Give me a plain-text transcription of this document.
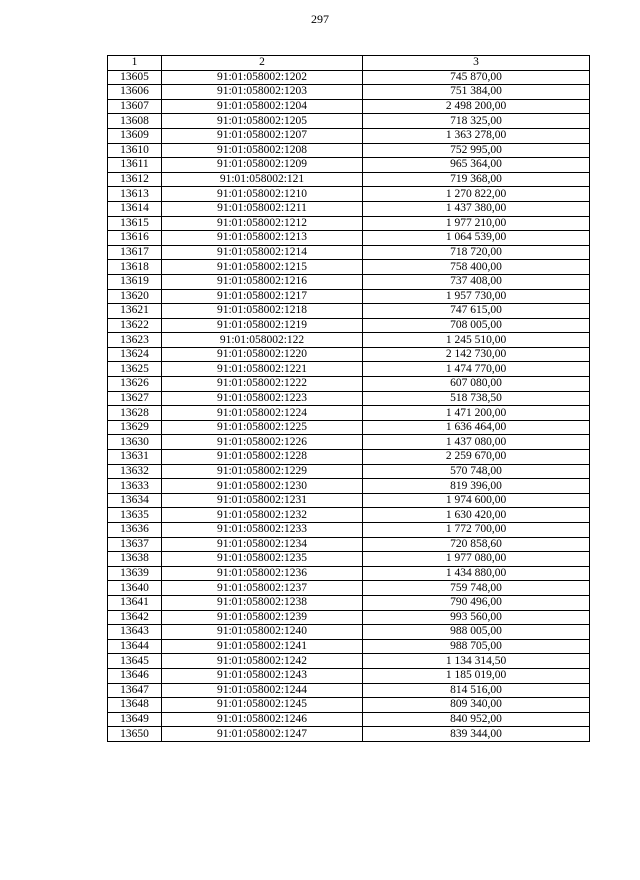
297
1	2	3
13605	91:01:058002:1202	745 870,00
13606	91:01:058002:1203	751 384,00
13607	91:01:058002:1204	2 498 200,00
13608	91:01:058002:1205	718 325,00
13609	91:01:058002:1207	1 363 278,00
13610	91:01:058002:1208	752 995,00
13611	91:01:058002:1209	965 364,00
13612	91:01:058002:121	719 368,00
13613	91:01:058002:1210	1 270 822,00
13614	91:01:058002:1211	1 437 380,00
13615	91:01:058002:1212	1 977 210,00
13616	91:01:058002:1213	1 064 539,00
13617	91:01:058002:1214	718 720,00
13618	91:01:058002:1215	758 400,00
13619	91:01:058002:1216	737 408,00
13620	91:01:058002:1217	1 957 730,00
13621	91:01:058002:1218	747 615,00
13622	91:01:058002:1219	708 005,00
13623	91:01:058002:122	1 245 510,00
13624	91:01:058002:1220	2 142 730,00
13625	91:01:058002:1221	1 474 770,00
13626	91:01:058002:1222	607 080,00
13627	91:01:058002:1223	518 738,50
13628	91:01:058002:1224	1 471 200,00
13629	91:01:058002:1225	1 636 464,00
13630	91:01:058002:1226	1 437 080,00
13631	91:01:058002:1228	2 259 670,00
13632	91:01:058002:1229	570 748,00
13633	91:01:058002:1230	819 396,00
13634	91:01:058002:1231	1 974 600,00
13635	91:01:058002:1232	1 630 420,00
13636	91:01:058002:1233	1 772 700,00
13637	91:01:058002:1234	720 858,60
13638	91:01:058002:1235	1 977 080,00
13639	91:01:058002:1236	1 434 880,00
13640	91:01:058002:1237	759 748,00
13641	91:01:058002:1238	790 496,00
13642	91:01:058002:1239	993 560,00
13643	91:01:058002:1240	988 005,00
13644	91:01:058002:1241	988 705,00
13645	91:01:058002:1242	1 134 314,50
13646	91:01:058002:1243	1 185 019,00
13647	91:01:058002:1244	814 516,00
13648	91:01:058002:1245	809 340,00
13649	91:01:058002:1246	840 952,00
13650	91:01:058002:1247	839 344,00
